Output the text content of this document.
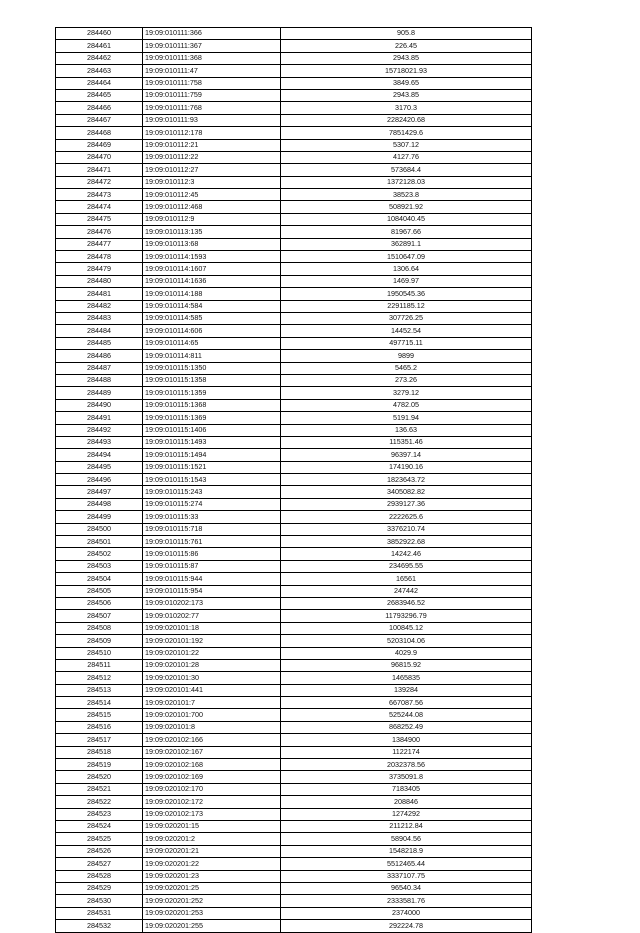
284460	19:09:010111:366	905.8
284461	19:09:010111:367	226.45
284462	19:09:010111:368	2943.85
284463	19:09:010111:47	15718021.93
284464	19:09:010111:758	3849.65
284465	19:09:010111:759	2943.85
284466	19:09:010111:768	3170.3
284467	19:09:010111:93	2282420.68
284468	19:09:010112:178	7851429.6
284469	19:09:010112:21	5307.12
284470	19:09:010112:22	4127.76
284471	19:09:010112:27	573684.4
284472	19:09:010112:3	1372128.03
284473	19:09:010112:45	38523.8
284474	19:09:010112:468	508921.92
284475	19:09:010112:9	1084040.45
284476	19:09:010113:135	81967.66
284477	19:09:010113:68	362891.1
284478	19:09:010114:1593	1510647.09
284479	19:09:010114:1607	1306.64
284480	19:09:010114:1636	1469.97
284481	19:09:010114:188	1950545.36
284482	19:09:010114:584	2291185.12
284483	19:09:010114:585	307726.25
284484	19:09:010114:606	14452.54
284485	19:09:010114:65	497715.11
284486	19:09:010114:811	9899
284487	19:09:010115:1350	5465.2
284488	19:09:010115:1358	273.26
284489	19:09:010115:1359	3279.12
284490	19:09:010115:1368	4782.05
284491	19:09:010115:1369	5191.94
284492	19:09:010115:1406	136.63
284493	19:09:010115:1493	115351.46
284494	19:09:010115:1494	96397.14
284495	19:09:010115:1521	174190.16
284496	19:09:010115:1543	1823643.72
284497	19:09:010115:243	3405082.82
284498	19:09:010115:274	2939127.36
284499	19:09:010115:33	2222625.6
284500	19:09:010115:718	3376210.74
284501	19:09:010115:761	3852922.68
284502	19:09:010115:86	14242.46
284503	19:09:010115:87	234695.55
284504	19:09:010115:944	16561
284505	19:09:010115:954	247442
284506	19:09:010202:173	2683946.52
284507	19:09:010202:77	11793296.79
284508	19:09:020101:18	100845.12
284509	19:09:020101:192	5203104.06
284510	19:09:020101:22	4029.9
284511	19:09:020101:28	96815.92
284512	19:09:020101:30	1465835
284513	19:09:020101:441	139284
284514	19:09:020101:7	667087.56
284515	19:09:020101:700	525244.08
284516	19:09:020101:8	868252.49
284517	19:09:020102:166	1384900
284518	19:09:020102:167	1122174
284519	19:09:020102:168	2032378.56
284520	19:09:020102:169	3735091.8
284521	19:09:020102:170	7183405
284522	19:09:020102:172	208846
284523	19:09:020102:173	1274292
284524	19:09:020201:15	211212.84
284525	19:09:020201:2	58904.56
284526	19:09:020201:21	1548218.9
284527	19:09:020201:22	5512465.44
284528	19:09:020201:23	3337107.75
284529	19:09:020201:25	96540.34
284530	19:09:020201:252	2333581.76
284531	19:09:020201:253	2374000
284532	19:09:020201:255	292224.78
